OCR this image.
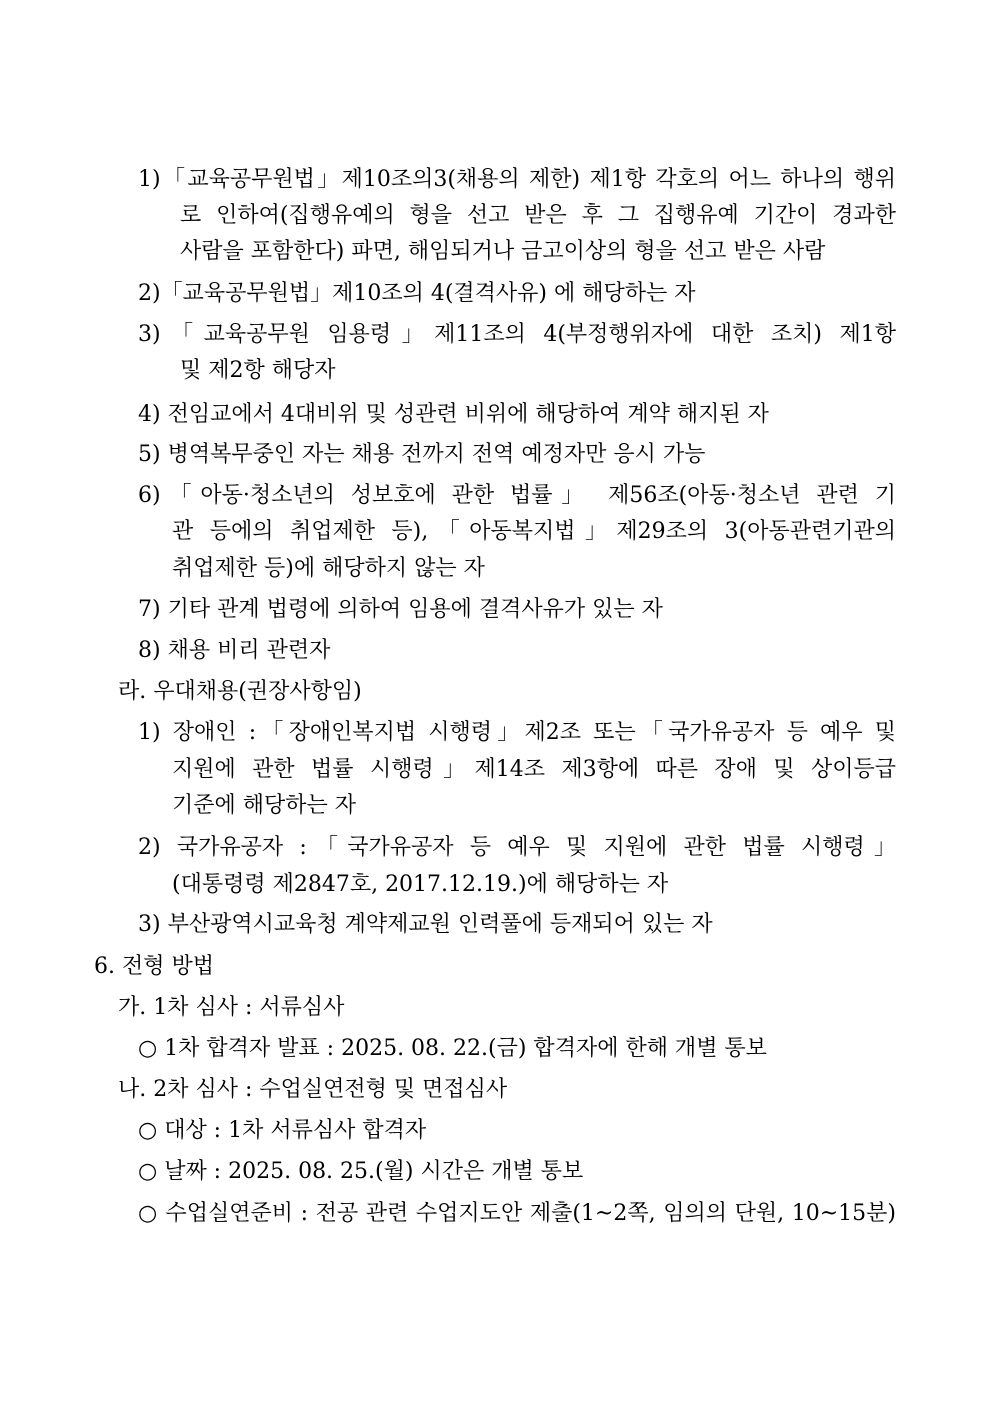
1)「교육공무원법」제10조의3(채용의 제한) 제1항 각호의 어느 하나의 행위
로 인하여(집행유예의 형을 선고 받은 후 그 집행유예 기간이 경과한
사람을 포함한다) 파면, 해임되거나 금고이상의 형을 선고 받은 사람
2)「교육공무원법」제10조의 4(결격사유) 에 해당하는 자
3)「교육공무원 임용령」제11조의 4(부정행위자에 대한 조치) 제1항
및 제2항 해당자
4) 전임교에서 4대비위 및 성관련 비위에 해당하여 계약 해지된 자
5) 병역복무중인 자는 채용 전까지 전역 예정자만 응시 가능
6)「아동·청소년의 성보호에 관한 법률」 제56조(아동·청소년 관련 기
관 등에의 취업제한 등),「아동복지법」제29조의 3(아동관련기관의
취업제한 등)에 해당하지 않는 자
7) 기타 관계 법령에 의하여 임용에 결격사유가 있는 자
8) 채용 비리 관련자
라. 우대채용(권장사항임)
1) 장애인 :「장애인복지법 시행령」제2조 또는「국가유공자 등 예우 및
지원에 관한 법률 시행령」제14조 제3항에 따른 장애 및 상이등급
기준에 해당하는 자
2) 국가유공자 :「국가유공자 등 예우 및 지원에 관한 법률 시행령」
(대통령령 제2847호, 2017.12.19.)에 해당하는 자
3) 부산광역시교육청 계약제교원 인력풀에 등재되어 있는 자
6. 전형 방법
가. 1차 심사 : 서류심사
○ 1차 합격자 발표 : 2025. 08. 22.(금) 합격자에 한해 개별 통보
나. 2차 심사 : 수업실연전형 및 면접심사
○ 대상 : 1차 서류심사 합격자
○ 날짜 : 2025. 08. 25.(월) 시간은 개별 통보
○ 수업실연준비 : 전공 관련 수업지도안 제출(1~2쪽, 임의의 단원, 10~15분)
